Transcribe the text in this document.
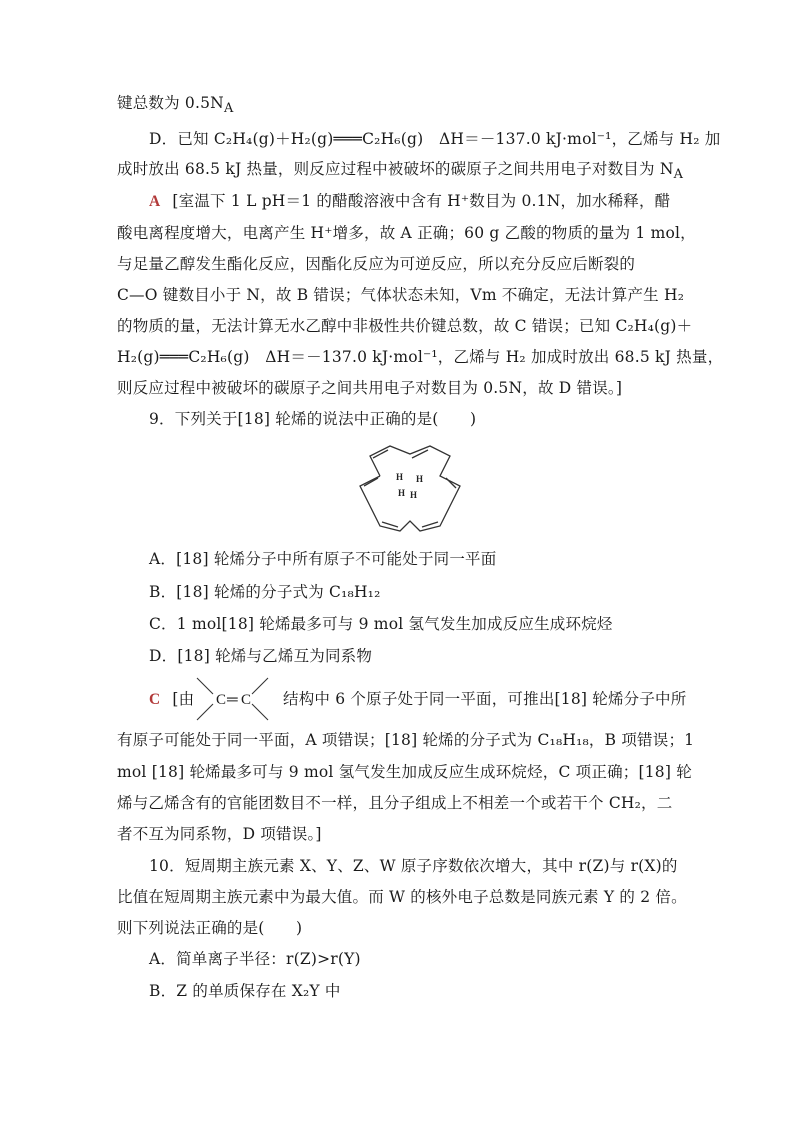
键总数为 $0.5N_A$
D．已知 C₂H₄(g)＋H₂(g)═══C₂H₆(g)　ΔH＝－137.0 kJ·mol⁻¹，乙烯与 H₂ 加
成时放出 68.5 kJ 热量，则反应过程中被破坏的碳原子之间共用电子对数目为 $N_A$
A [室温下 1 L pH＝1 的醋酸溶液中含有 H⁺数目为 0.1N，加水稀释，醋
酸电离程度增大，电离产生 H⁺增多，故 A 正确；60 g 乙酸的物质的量为 1 mol，
与足量乙醇发生酯化反应，因酯化反应为可逆反应，所以充分反应后断裂的
C—O 键数目小于 N，故 B 错误；气体状态未知，Vm 不确定，无法计算产生 H₂
的物质的量，无法计算无水乙醇中非极性共价键总数，故 C 错误；已知 C₂H₄(g)＋
H₂(g)═══C₂H₆(g)　ΔH＝－137.0 kJ·mol⁻¹，乙烯与 H₂ 加成时放出 68.5 kJ 热量，
则反应过程中被破坏的碳原子之间共用电子对数目为 0.5N，故 D 错误。]
9．下列关于[18] 轮烯的说法中正确的是(　　)
H H
H H
A．[18] 轮烯分子中所有原子不可能处于同一平面
B．[18] 轮烯的分子式为 C₁₈H₁₂
C．1 mol[18] 轮烯最多可与 9 mol 氢气发生加成反应生成环烷烃
D．[18] 轮烯与乙烯互为同系物
C [由	C ═ C 结构中 6 个原子处于同一平面，可推出[18] 轮烯分子中所
有原子可能处于同一平面，A 项错误；[18] 轮烯的分子式为 C₁₈H₁₈，B 项错误；1
mol [18] 轮烯最多可与 9 mol 氢气发生加成反应生成环烷烃，C 项正确；[18] 轮
烯与乙烯含有的官能团数目不一样，且分子组成上不相差一个或若干个 CH₂，二
者不互为同系物，D 项错误。]
10．短周期主族元素 X、Y、Z、W 原子序数依次增大，其中 r(Z)与 r(X)的
比值在短周期主族元素中为最大值。而 W 的核外电子总数是同族元素 Y 的 2 倍。
则下列说法正确的是(　　)
A．简单离子半径：r(Z)>r(Y)
B．Z 的单质保存在 X₂Y 中
